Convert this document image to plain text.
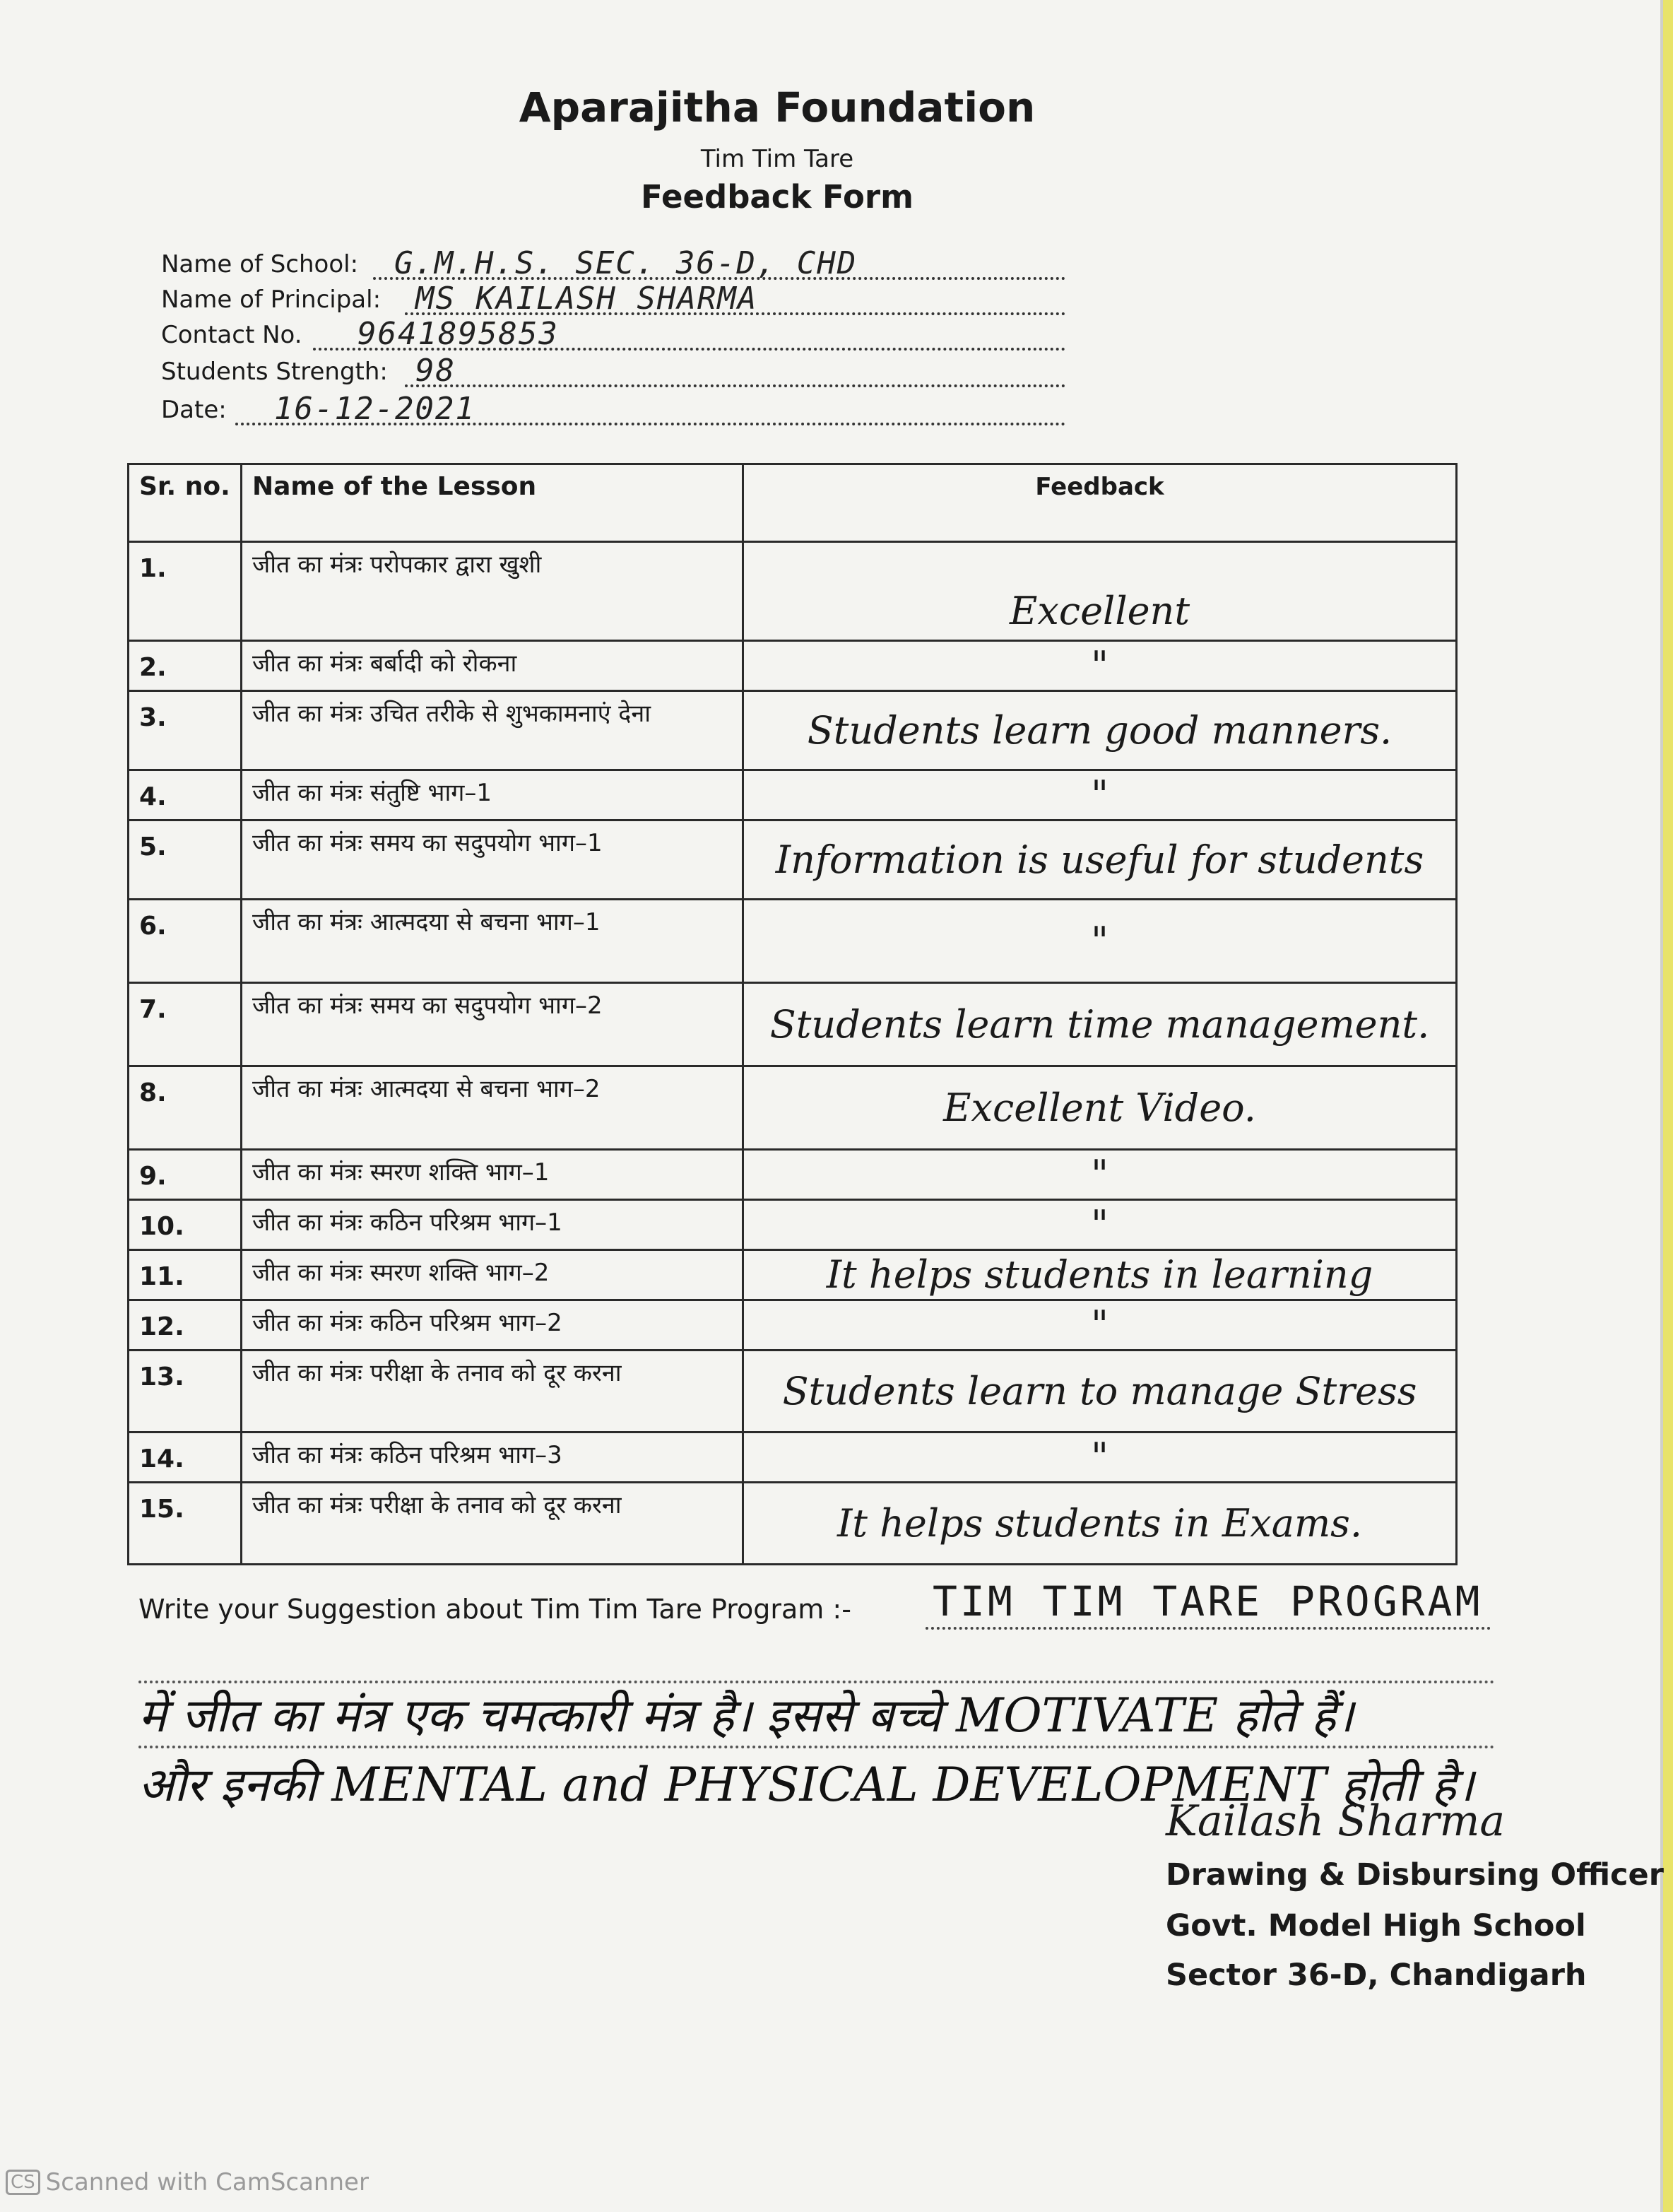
Aparajitha Foundation
Tim Tim Tare
Feedback Form
Name of School: G.M.H.S. SEC. 36-D, CHD
Name of Principal: MS KAILASH SHARMA
Contact No. 9641895853
Students Strength: 98
Date: 16-12-2021
Sr. no.	Name of the Lesson	Feedback
1.	जीत का मंत्रः परोपकार द्वारा खुशी	Excellent
2.	जीत का मंत्रः बर्बादी को रोकना	"
3.	जीत का मंत्रः उचित तरीके से शुभकामनाएं देना	Students learn good manners.
4.	जीत का मंत्रः संतुष्टि भाग–1	"
5.	जीत का मंत्रः समय का सदुपयोग भाग–1	Information is useful for students
6.	जीत का मंत्रः आत्मदया से बचना भाग–1	"
7.	जीत का मंत्रः समय का सदुपयोग भाग–2	Students learn time management.
8.	जीत का मंत्रः आत्मदया से बचना भाग–2	Excellent Video.
9.	जीत का मंत्रः स्मरण शक्ति भाग–1	"
10.	जीत का मंत्रः कठिन परिश्रम भाग–1	"
11.	जीत का मंत्रः स्मरण शक्ति भाग–2	It helps students in learning
12.	जीत का मंत्रः कठिन परिश्रम भाग–2	"
13.	जीत का मंत्रः परीक्षा के तनाव को दूर करना	Students learn to manage Stress
14.	जीत का मंत्रः कठिन परिश्रम भाग–3	"
15.	जीत का मंत्रः परीक्षा के तनाव को दूर करना	It helps students in Exams.
Write your Suggestion about Tim Tim Tare Program :- TIM TIM TARE PROGRAM
में जीत का मंत्र एक चमत्कारी मंत्र है। इससे बच्चे MOTIVATE होते हैं।
और इनकी MENTAL and PHYSICAL DEVELOPMENT होती है।
Kailash Sharma
Drawing & Disbursing Officer
Govt. Model High School
Sector 36-D, Chandigarh
CS Scanned with CamScanner
